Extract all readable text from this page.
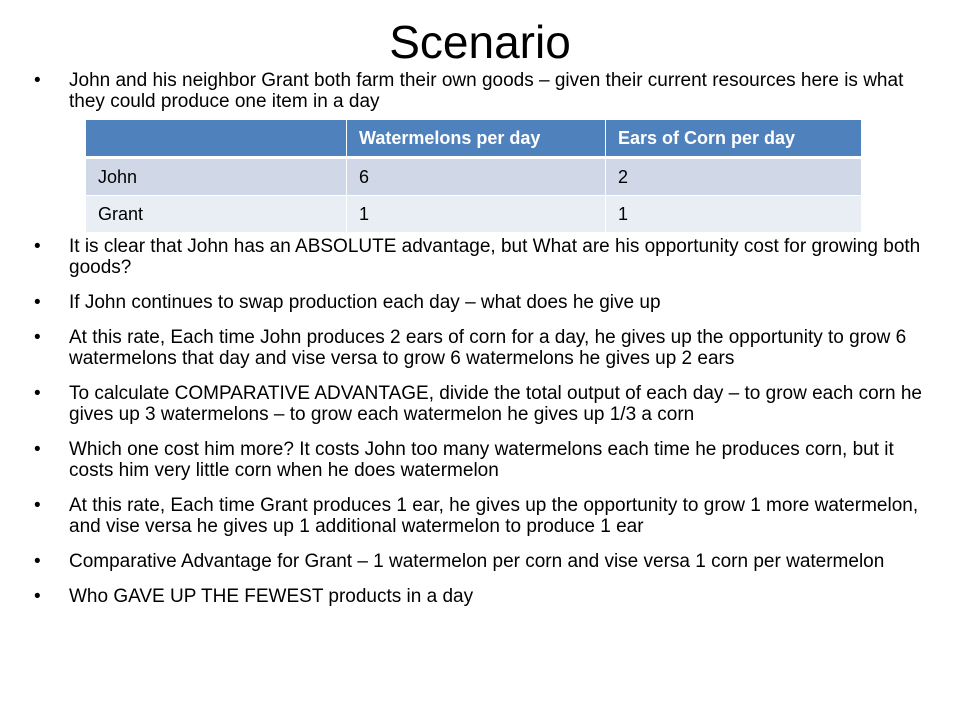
Scenario
• John and his neighbor Grant both farm their own goods – given their current resources here is what they could produce one item in a day
	Watermelons per day	Ears of Corn per day
John	6	2
Grant	1	1
• It is clear that John has an ABSOLUTE advantage, but What are his opportunity cost for growing both goods?
• If John continues to swap production each day – what does he give up
• At this rate, Each time John produces 2 ears of corn for a day, he gives up the opportunity to grow 6 watermelons that day and vise versa to grow 6 watermelons he gives up 2 ears
• To calculate COMPARATIVE ADVANTAGE, divide the total output of each day – to grow each corn he gives up 3 watermelons – to grow each watermelon he gives up 1/3 a corn
• Which one cost him more? It costs John too many watermelons each time he produces corn, but it costs him very little corn when he does watermelon
• At this rate, Each time Grant produces 1 ear, he gives up the opportunity to grow 1 more watermelon, and vise versa he gives up 1 additional watermelon to produce 1 ear
• Comparative Advantage for Grant – 1 watermelon per corn and vise versa 1 corn per watermelon
• Who GAVE UP THE FEWEST products in a day
